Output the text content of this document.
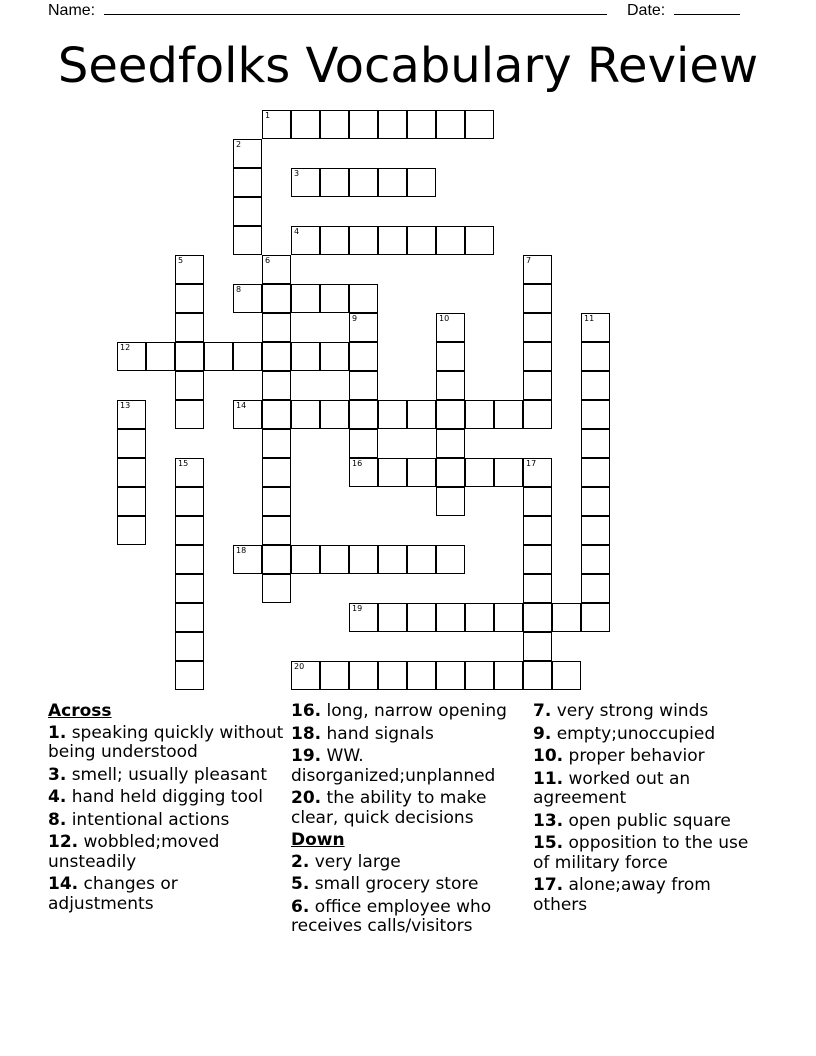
Name:	Date:
Seedfolks Vocabulary Review
1
2
3
4
5	6	7
8
9
16
10	11
12
13	14
15	17
18
19
20
Across
1. speaking quickly without being understood
3. smell; usually pleasant
4. hand held digging tool
8. intentional actions
12. wobbled;moved unsteadily
14. changes or adjustments
16. long, narrow opening
18. hand signals
19. WW. disorganized;unplanned
20. the ability to make clear, quick decisions
Down
2. very large
5. small grocery store
6. office employee who receives calls/visitors
7. very strong winds
9. empty;unoccupied
10. proper behavior
11. worked out an agreement
13. open public square
15. opposition to the use of military force
17. alone;away from others
